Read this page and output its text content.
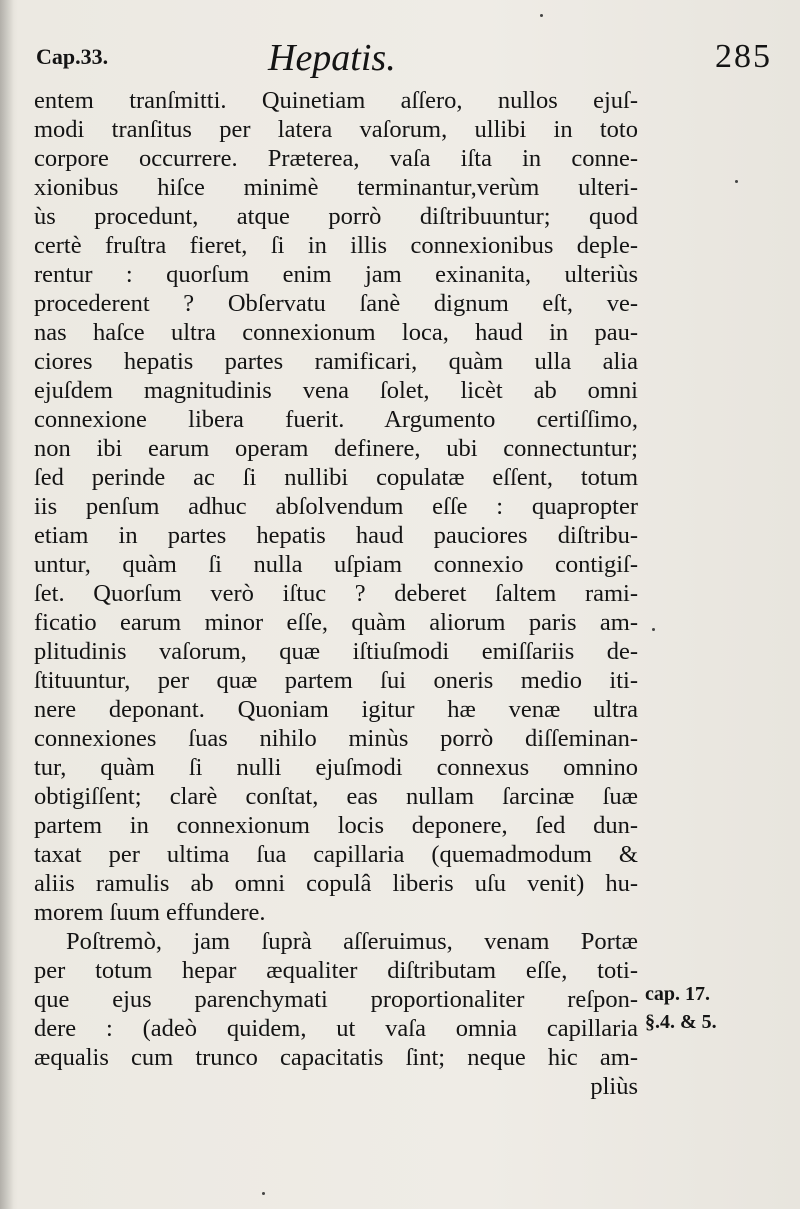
Cap.33.	Hepatis.	285
entem tranſmitti. Quinetiam aſſero, nullos ejuſ-
modi tranſitus per latera vaſorum, ullibi in toto
corpore occurrere. Præterea, vaſa iſta in conne-
xionibus hiſce minimè terminantur,verùm ulteri-
ùs procedunt, atque porrò diſtribuuntur; quod
certè fruſtra fieret, ſi in illis connexionibus deple-
rentur : quorſum enim jam exinanita, ulteriùs
procederent ? Obſervatu ſanè dignum eſt, ve-
nas haſce ultra connexionum loca, haud in pau-
ciores hepatis partes ramificari, quàm ulla alia
ejuſdem magnitudinis vena ſolet, licèt ab omni
connexione libera fuerit. Argumento certiſſimo,
non ibi earum operam definere, ubi connectuntur;
ſed perinde ac ſi nullibi copulatæ eſſent, totum
iis penſum adhuc abſolvendum eſſe : quapropter
etiam in partes hepatis haud pauciores diſtribu-
untur, quàm ſi nulla uſpiam connexio contigiſ-
ſet. Quorſum verò iſtuc ? deberet ſaltem rami-
ficatio earum minor eſſe, quàm aliorum paris am-
plitudinis vaſorum, quæ iſtiuſmodi emiſſariis de-
ſtituuntur, per quæ partem ſui oneris medio iti-
nere deponant. Quoniam igitur hæ venæ ultra
connexiones ſuas nihilo minùs porrò diſſeminan-
tur, quàm ſi nulli ejuſmodi connexus omnino
obtigiſſent; clarè conſtat, eas nullam ſarcinæ ſuæ
partem in connexionum locis deponere, ſed dun-
taxat per ultima ſua capillaria (quemadmodum &
aliis ramulis ab omni copulâ liberis uſu venit) hu-
morem ſuum effundere.
Poſtremò, jam ſuprà aſſeruimus, venam Portæ
per totum hepar æqualiter diſtributam eſſe, toti-
que ejus parenchymati proportionaliter reſpon-
dere : (adeò quidem, ut vaſa omnia capillaria
æqualis cum trunco capacitatis ſint; neque hic am-
pliùs
cap. 17.
§.4. & 5.
